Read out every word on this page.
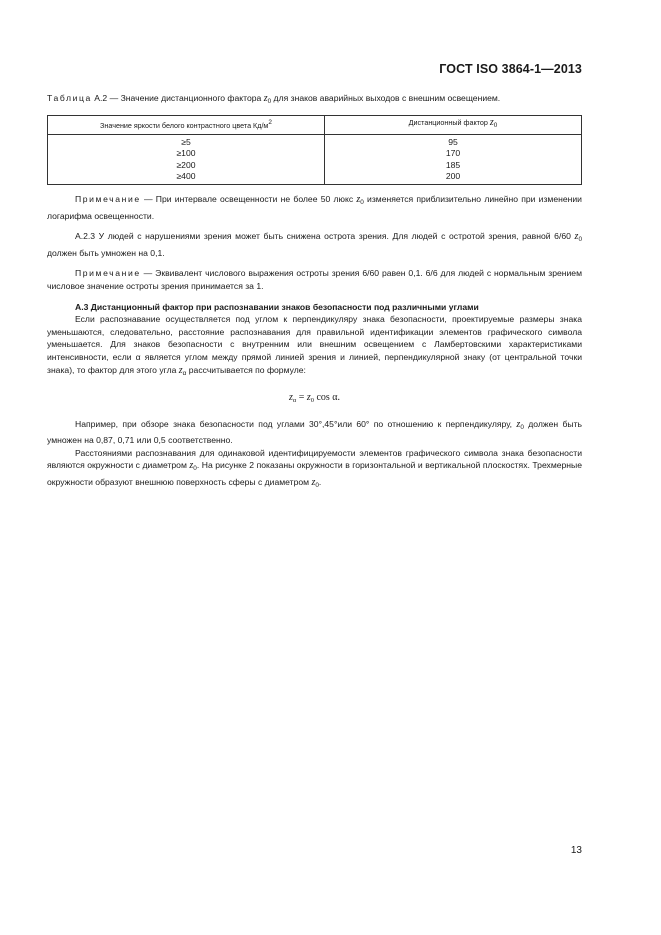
ГОСТ ISO 3864-1—2013
Таблица А.2 — Значение дистанционного фактора $z_0$ для знаков аварийных выходов с внешним освещением.
Значение яркости белого контрастного цвета Кд/м2	Дистанционный фактор z0
≥5	95
≥100	170
≥200	185
≥400	200

Примечание — При интервале освещенности не более 50 люкс $z_0$ изменяется приблизительно линейно при изменении логарифма освещенности.

А.2.3 У людей с нарушениями зрения может быть снижена острота зрения. Для людей с остротой зрения, равной 6/60 $z_0$ должен быть умножен на 0,1.

Примечание — Эквивалент числового выражения остроты зрения 6/60 равен 0,1. 6/6 для людей с нормальным зрением числовое значение остроты зрения принимается за 1.

А.3 Дистанционный фактор при распознавании знаков безопасности под различными углами

Если распознавание осуществляется под углом к перпендикуляру знака безопасности, проектируемые размеры знака уменьшаются, следовательно, расстояние распознавания для правильной идентификации элементов графического символа уменьшается. Для знаков безопасности с внутренним или внешним освещением с Ламбертовскими характеристиками интенсивности, если α является углом между прямой линией зрения и линией, перпендикулярной знаку (от центральной точки знака), то фактор для этого угла $z_\alpha$ рассчитывается по формуле:

$z_\alpha = z_0$ cos α.

Например, при обзоре знака безопасности под углами 30°,45°или 60° по отношению к перпендикуляру, $z_0$ должен быть умножен на 0,87, 0,71 или 0,5 соответственно.

Расстояниями распознавания для одинаковой идентифицируемости элементов графического символа знака безопасности являются окружности с диаметром $z_0$. На рисунке 2 показаны окружности в горизонтальной и вертикальной плоскостях. Трехмерные окружности образуют внешнюю поверхность сферы с диаметром $z_0$.

13
